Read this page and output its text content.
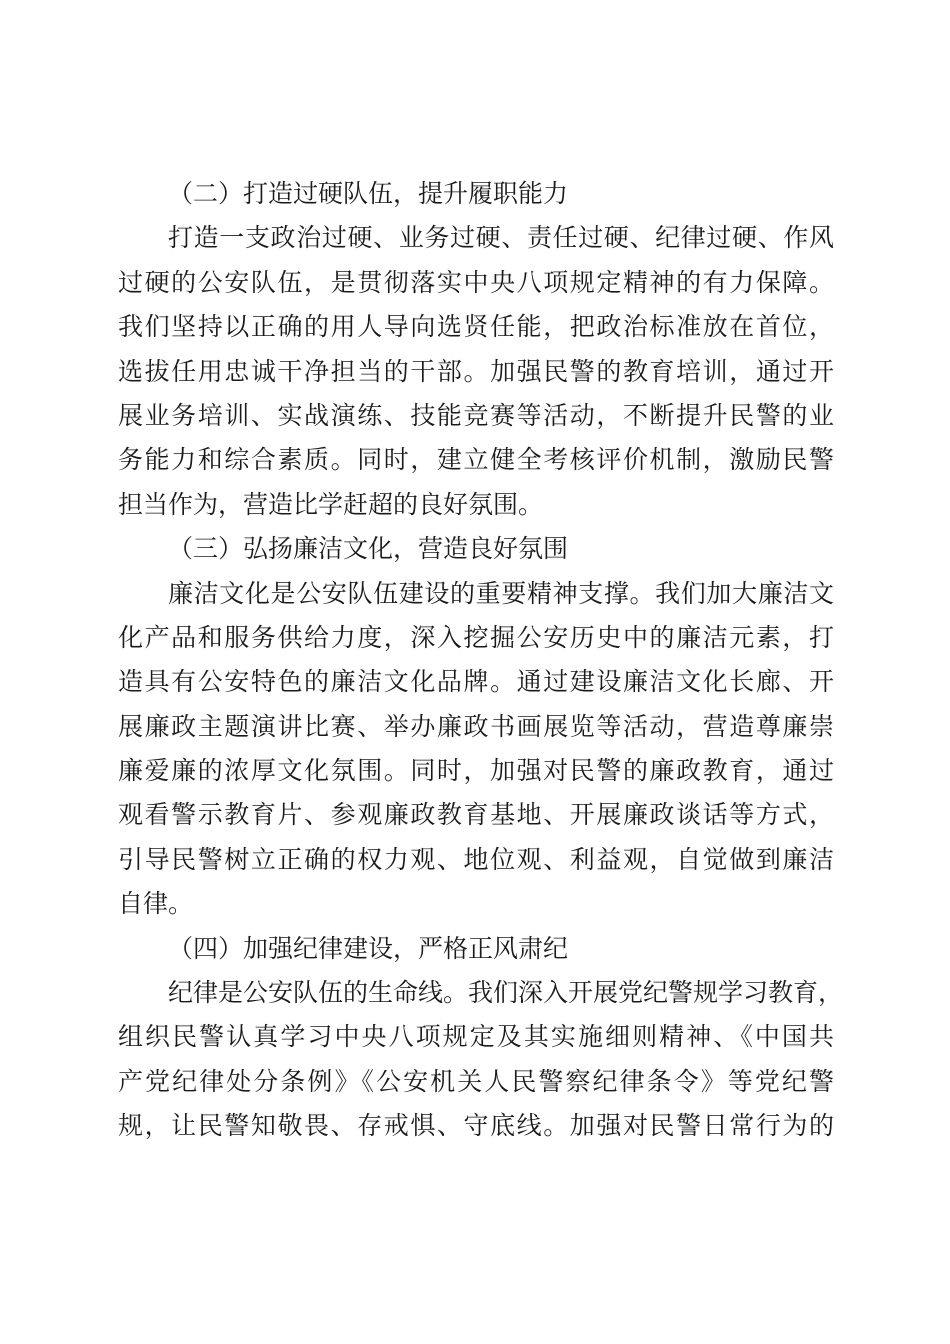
（二）打造过硬队伍，提升履职能力
打造一支政治过硬、业务过硬、责任过硬、纪律过硬、作风
过硬的公安队伍，是贯彻落实中央八项规定精神的有力保障。
我们坚持以正确的用人导向选贤任能，把政治标准放在首位，
选拔任用忠诚干净担当的干部。加强民警的教育培训，通过开
展业务培训、实战演练、技能竞赛等活动，不断提升民警的业
务能力和综合素质。同时，建立健全考核评价机制，激励民警
担当作为，营造比学赶超的良好氛围。
（三）弘扬廉洁文化，营造良好氛围
廉洁文化是公安队伍建设的重要精神支撑。我们加大廉洁文
化产品和服务供给力度，深入挖掘公安历史中的廉洁元素，打
造具有公安特色的廉洁文化品牌。通过建设廉洁文化长廊、开
展廉政主题演讲比赛、举办廉政书画展览等活动，营造尊廉崇
廉爱廉的浓厚文化氛围。同时，加强对民警的廉政教育，通过
观看警示教育片、参观廉政教育基地、开展廉政谈话等方式，
引导民警树立正确的权力观、地位观、利益观，自觉做到廉洁
自律。
（四）加强纪律建设，严格正风肃纪
纪律是公安队伍的生命线。我们深入开展党纪警规学习教育，
组织民警认真学习中央八项规定及其实施细则精神、《中国共
产党纪律处分条例》《公安机关人民警察纪律条令》等党纪警
规，让民警知敬畏、存戒惧、守底线。加强对民警日常行为的
